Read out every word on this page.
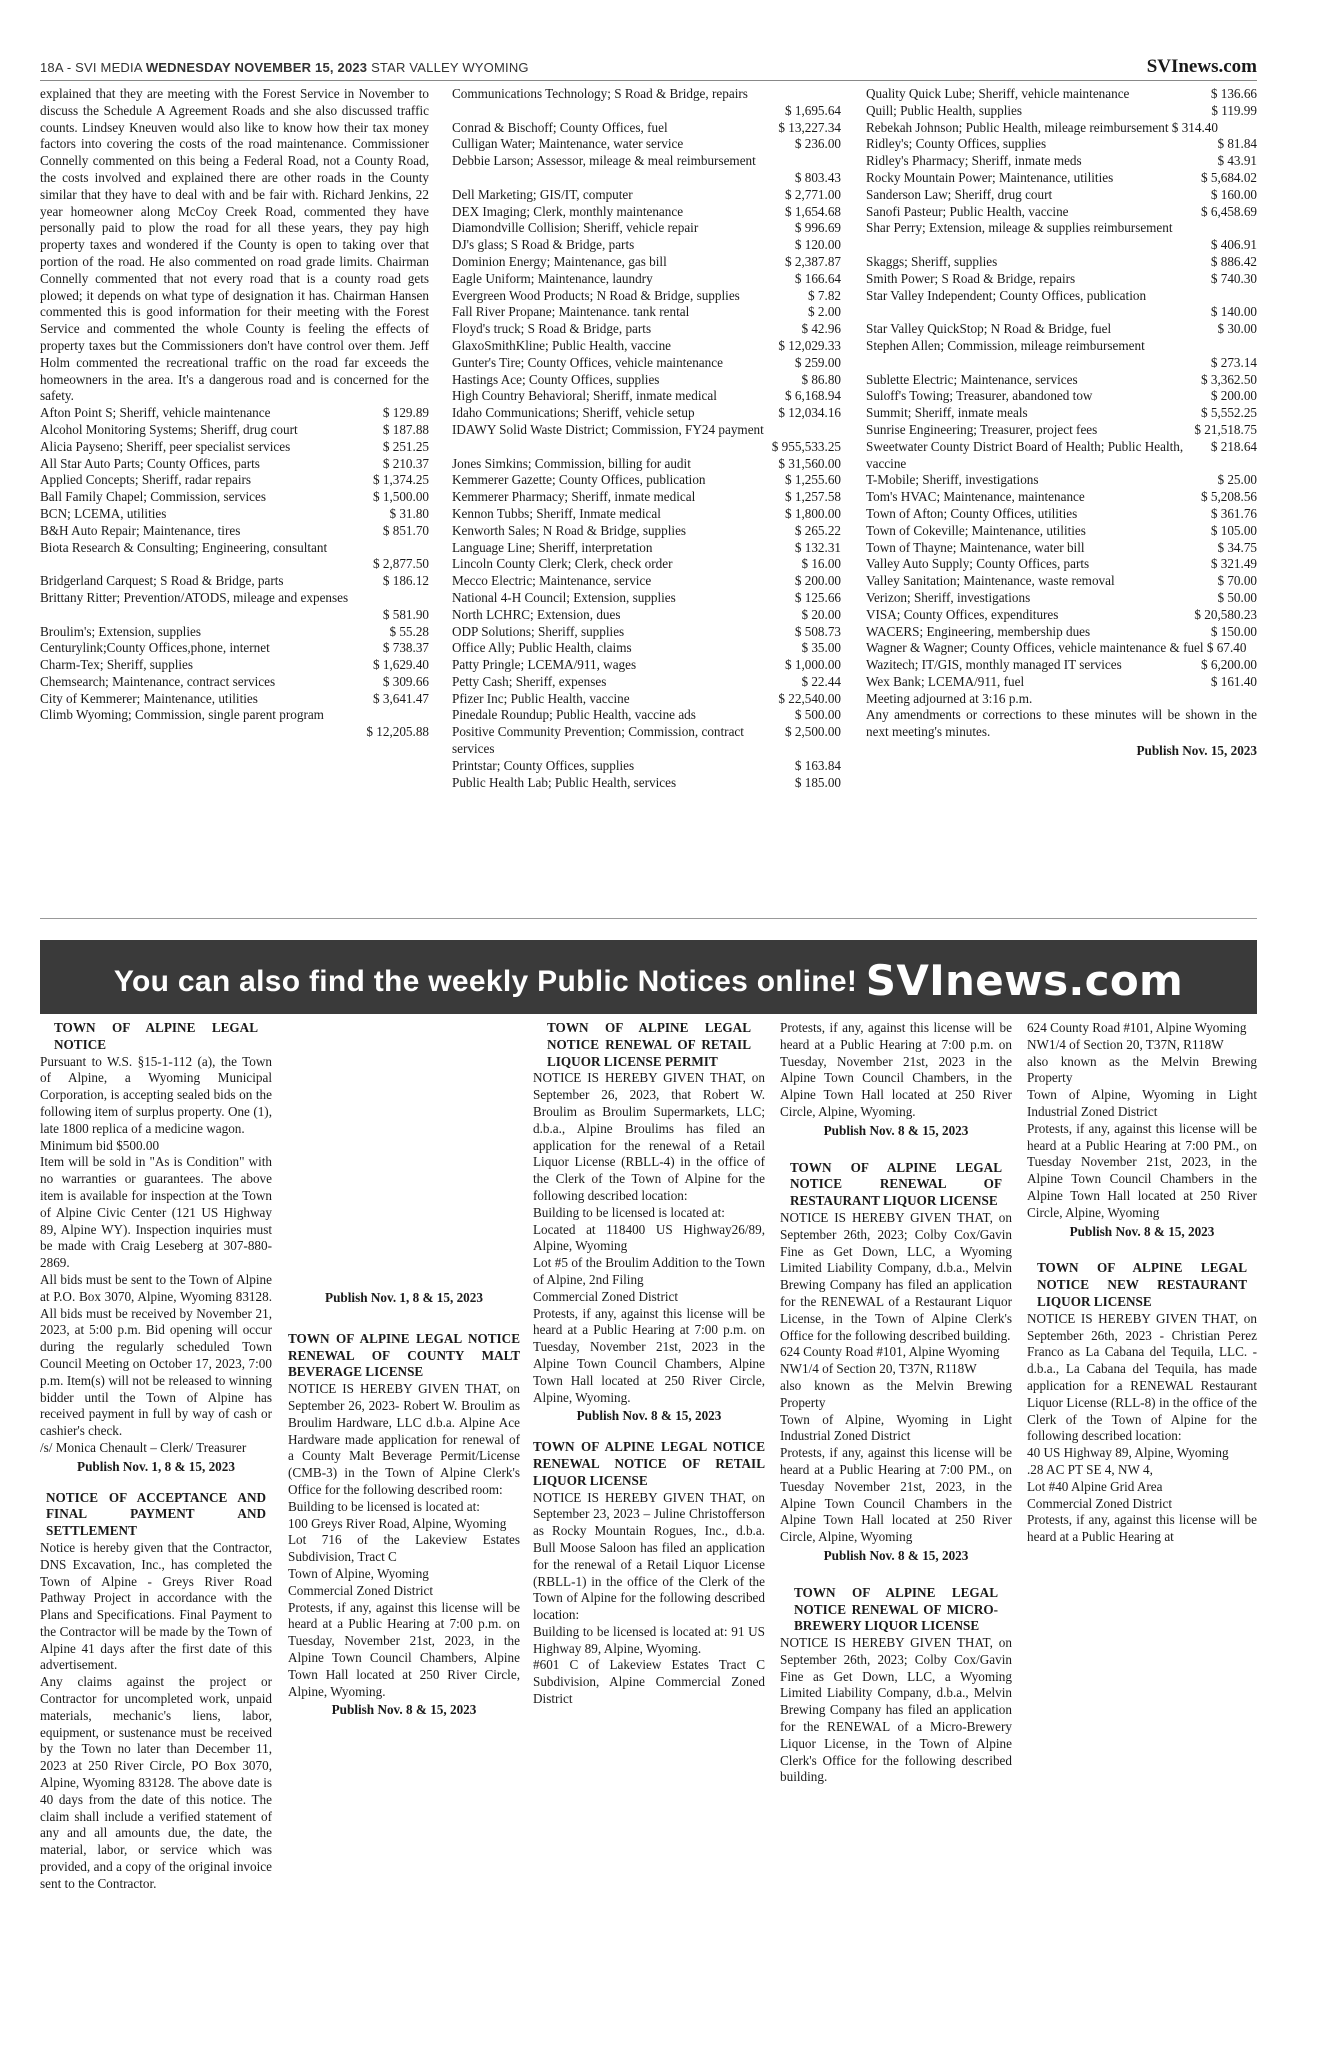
18A - SVI MEDIA WEDNESDAY NOVEMBER 15, 2023 STAR VALLEY WYOMING	SVInews.com

explained that they are meeting with the Forest Service in November to discuss the Schedule A Agreement Roads and she also discussed traffic counts. Lindsey Kneuven would also like to know how their tax money factors into covering the costs of the road maintenance. Commissioner Connelly commented on this being a Federal Road, not a County Road, the costs involved and explained there are other roads in the County similar that they have to deal with and be fair with. Richard Jenkins, 22 year homeowner along McCoy Creek Road, commented they have personally paid to plow the road for all these years, they pay high property taxes and wondered if the County is open to taking over that portion of the road. He also commented on road grade limits. Chairman Connelly commented that not every road that is a county road gets plowed; it depends on what type of designation it has. Chairman Hansen commented this is good information for their meeting with the Forest Service and commented the whole County is feeling the effects of property taxes but the Commissioners don't have control over them. Jeff Holm commented the recreational traffic on the road far exceeds the homeowners in the area. It's a dangerous road and is concerned for the safety.

$ 129.89
Afton Point S; Sheriff, vehicle maintenance
$ 187.88
Alcohol Monitoring Systems; Sheriff, drug court
$ 251.25
Alicia Payseno; Sheriff, peer specialist services
$ 210.37
All Star Auto Parts; County Offices, parts
$ 1,374.25
Applied Concepts; Sheriff, radar repairs
$ 1,500.00
Ball Family Chapel; Commission, services
$ 31.80
BCN; LCEMA, utilities
$ 851.70
B&H Auto Repair; Maintenance, tires
Biota Research & Consulting; Engineering, consultant
$ 2,877.50
$ 186.12
Bridgerland Carquest; S Road & Bridge, parts
Brittany Ritter; Prevention/ATODS, mileage and expenses
$ 581.90
$ 55.28
Broulim's; Extension, supplies
$ 738.37
Centurylink;County Offices,phone, internet
$ 1,629.40
Charm-Tex; Sheriff, supplies
$ 309.66
Chemsearch; Maintenance, contract services
$ 3,641.47
City of Kemmerer; Maintenance, utilities
Climb Wyoming; Commission, single parent program
$ 12,205.88
Communications Technology; S Road & Bridge, repairs
$ 1,695.64
$ 13,227.34
Conrad & Bischoff; County Offices, fuel
$ 236.00
Culligan Water; Maintenance, water service
Debbie Larson; Assessor, mileage & meal reimbursement
$ 803.43
$ 2,771.00
Dell Marketing; GIS/IT, computer
$ 1,654.68
DEX Imaging; Clerk, monthly maintenance
$ 996.69
Diamondville Collision; Sheriff, vehicle repair
$ 120.00
DJ's glass; S Road & Bridge, parts
$ 2,387.87
Dominion Energy; Maintenance, gas bill
$ 166.64
Eagle Uniform; Maintenance, laundry
$ 7.82
Evergreen Wood Products; N Road & Bridge, supplies
$ 2.00
Fall River Propane; Maintenance. tank rental
$ 42.96
Floyd's truck; S Road & Bridge, parts
$ 12,029.33
GlaxoSmithKline; Public Health, vaccine
$ 259.00
Gunter's Tire; County Offices, vehicle maintenance
$ 86.80
Hastings Ace; County Offices, supplies
$ 6,168.94
High Country Behavioral; Sheriff, inmate medical
$ 12,034.16
Idaho Communications; Sheriff, vehicle setup
IDAWY Solid Waste District; Commission, FY24 payment
$ 955,533.25
$ 31,560.00
Jones Simkins; Commission, billing for audit
$ 1,255.60
Kemmerer Gazette; County Offices, publication
$ 1,257.58
Kemmerer Pharmacy; Sheriff, inmate medical
$ 1,800.00
Kennon Tubbs; Sheriff, Inmate medical
$ 265.22
Kenworth Sales; N Road & Bridge, supplies
$ 132.31
Language Line; Sheriff, interpretation
$ 16.00
Lincoln County Clerk; Clerk, check order
$ 200.00
Mecco Electric; Maintenance, service
$ 125.66
National 4-H Council; Extension, supplies
$ 20.00
North LCHRC; Extension, dues
$ 508.73
ODP Solutions; Sheriff, supplies
$ 35.00
Office Ally; Public Health, claims
$ 1,000.00
Patty Pringle; LCEMA/911, wages
$ 22.44
Petty Cash; Sheriff, expenses
$ 22,540.00
Pfizer Inc; Public Health, vaccine
$ 500.00
Pinedale Roundup; Public Health, vaccine ads
$ 2,500.00
Positive Community Prevention; Commission, contract services
$ 163.84
Printstar; County Offices, supplies
$ 185.00
Public Health Lab; Public Health, services
$ 136.66
Quality Quick Lube; Sheriff, vehicle maintenance
$ 119.99
Quill; Public Health, supplies
Rebekah Johnson; Public Health, mileage reimbursement $ 314.40
$ 81.84
Ridley's; County Offices, supplies
$ 43.91
Ridley's Pharmacy; Sheriff, inmate meds
$ 5,684.02
Rocky Mountain Power; Maintenance, utilities
$ 160.00
Sanderson Law; Sheriff, drug court
$ 6,458.69
Sanofi Pasteur; Public Health, vaccine
Shar Perry; Extension, mileage & supplies reimbursement
$ 406.91
$ 886.42
Skaggs; Sheriff, supplies
$ 740.30
Smith Power; S Road & Bridge, repairs
Star Valley Independent; County Offices, publication
$ 140.00
$ 30.00
Star Valley QuickStop; N Road & Bridge, fuel
Stephen Allen; Commission, mileage reimbursement
$ 273.14
$ 3,362.50
Sublette Electric; Maintenance, services
$ 200.00
Suloff's Towing; Treasurer, abandoned tow
$ 5,552.25
Summit; Sheriff, inmate meals
$ 21,518.75
Sunrise Engineering; Treasurer, project fees
$ 218.64
Sweetwater County District Board of Health; Public Health, vaccine
$ 25.00
T-Mobile; Sheriff, investigations
$ 5,208.56
Tom's HVAC; Maintenance, maintenance
$ 361.76
Town of Afton; County Offices, utilities
$ 105.00
Town of Cokeville; Maintenance, utilities
$ 34.75
Town of Thayne; Maintenance, water bill
$ 321.49
Valley Auto Supply; County Offices, parts
$ 70.00
Valley Sanitation; Maintenance, waste removal
$ 50.00
Verizon; Sheriff, investigations
$ 20,580.23
VISA; County Offices, expenditures
$ 150.00
WACERS; Engineering, membership dues
Wagner & Wagner; County Offices, vehicle maintenance & fuel $ 67.40
$ 6,200.00
Wazitech; IT/GIS, monthly managed IT services
$ 161.40
Wex Bank; LCEMA/911, fuel

Meeting adjourned at 3:16 p.m.

Any amendments or corrections to these minutes will be shown in the next meeting's minutes.

Publish Nov. 15, 2023
You can also find the weekly Public Notices online! SVInews.com

TOWN OF ALPINE LEGAL NOTICE

Pursuant to W.S. §15-1-112 (a), the Town of Alpine, a Wyoming Municipal Corporation, is accepting sealed bids on the following item of surplus property. One (1), late 1800 replica of a medicine wagon.

Minimum bid $500.00

Item will be sold in "As is Condition" with no warranties or guarantees. The above item is available for inspection at the Town of Alpine Civic Center (121 US Highway 89, Alpine WY). Inspection inquiries must be made with Craig Leseberg at 307-880-2869.

All bids must be sent to the Town of Alpine at P.O. Box 3070, Alpine, Wyoming 83128. All bids must be received by November 21, 2023, at 5:00 p.m. Bid opening will occur during the regularly scheduled Town Council Meeting on October 17, 2023, 7:00 p.m. Item(s) will not be released to winning bidder until the Town of Alpine has received payment in full by way of cash or cashier's check.

/s/ Monica Chenault – Clerk/ Treasurer

Publish Nov. 1, 8 & 15, 2023

NOTICE OF ACCEPTANCE AND FINAL PAYMENT AND SETTLEMENT

Notice is hereby given that the Contractor, DNS Excavation, Inc., has completed the Town of Alpine - Greys River Road Pathway Project in accordance with the Plans and Specifications. Final Payment to the Contractor will be made by the Town of Alpine 41 days after the first date of this advertisement.

Any claims against the project or Contractor for uncompleted work, unpaid materials, mechanic's liens, labor, equipment, or sustenance must be received by the Town no later than December 11, 2023 at 250 River Circle, PO Box 3070, Alpine, Wyoming 83128. The above date is 40 days from the date of this notice. The claim shall include a verified statement of any and all amounts due, the date, the material, labor, or service which was provided, and a copy of the original invoice sent to the Contractor.

Publish Nov. 1, 8 & 15, 2023

TOWN OF ALPINE LEGAL NOTICE RENEWAL OF COUNTY MALT BEVERAGE LICENSE

NOTICE IS HEREBY GIVEN THAT, on September 26, 2023- Robert W. Broulim as Broulim Hardware, LLC d.b.a. Alpine Ace Hardware made application for renewal of a County Malt Beverage Permit/License (CMB-3) in the Town of Alpine Clerk's Office for the following described room:

Building to be licensed is located at:

100 Greys River Road, Alpine, Wyoming

Lot 716 of the Lakeview Estates Subdivision, Tract C

Town of Alpine, Wyoming

Commercial Zoned District

Protests, if any, against this license will be heard at a Public Hearing at 7:00 p.m. on Tuesday, November 21st, 2023, in the Alpine Town Council Chambers, Alpine Town Hall located at 250 River Circle, Alpine, Wyoming.

Publish Nov. 8 & 15, 2023

TOWN OF ALPINE LEGAL NOTICE RENEWAL OF RETAIL LIQUOR LICENSE PERMIT

NOTICE IS HEREBY GIVEN THAT, on September 26, 2023, that Robert W. Broulim as Broulim Supermarkets, LLC; d.b.a., Alpine Broulims has filed an application for the renewal of a Retail Liquor License (RBLL-4) in the office of the Clerk of the Town of Alpine for the following described location:

Building to be licensed is located at:

Located at 118400 US Highway26/89, Alpine, Wyoming

Lot #5 of the Broulim Addition to the Town of Alpine, 2nd Filing

Commercial Zoned District

Protests, if any, against this license will be heard at a Public Hearing at 7:00 p.m. on Tuesday, November 21st, 2023 in the Alpine Town Council Chambers, Alpine Town Hall located at 250 River Circle, Alpine, Wyoming.

Publish Nov. 8 & 15, 2023

TOWN OF ALPINE LEGAL NOTICE RENEWAL NOTICE OF RETAIL LIQUOR LICENSE

NOTICE IS HEREBY GIVEN THAT, on September 23, 2023 – Juline Christofferson as Rocky Mountain Rogues, Inc., d.b.a. Bull Moose Saloon has filed an application for the renewal of a Retail Liquor License (RBLL-1) in the office of the Clerk of the Town of Alpine for the following described location:

Building to be licensed is located at: 91 US Highway 89, Alpine, Wyoming.

#601 C of Lakeview Estates Tract C Subdivision, Alpine Commercial Zoned District

Protests, if any, against this license will be heard at a Public Hearing at 7:00 p.m. on Tuesday, November 21st, 2023 in the Alpine Town Council Chambers, in the Alpine Town Hall located at 250 River Circle, Alpine, Wyoming.

Publish Nov. 8 & 15, 2023

TOWN OF ALPINE LEGAL NOTICE RENEWAL OF RESTAURANT LIQUOR LICENSE

NOTICE IS HEREBY GIVEN THAT, on September 26th, 2023; Colby Cox/Gavin Fine as Get Down, LLC, a Wyoming Limited Liability Company, d.b.a., Melvin Brewing Company has filed an application for the RENEWAL of a Restaurant Liquor License, in the Town of Alpine Clerk's Office for the following described building.

624 County Road #101, Alpine Wyoming

NW1/4 of Section 20, T37N, R118W

also known as the Melvin Brewing Property

Town of Alpine, Wyoming in Light Industrial Zoned District

Protests, if any, against this license will be heard at a Public Hearing at 7:00 PM., on Tuesday November 21st, 2023, in the Alpine Town Council Chambers in the Alpine Town Hall located at 250 River Circle, Alpine, Wyoming

Publish Nov. 8 & 15, 2023

TOWN OF ALPINE LEGAL NOTICE RENEWAL OF MICRO-BREWERY LIQUOR LICENSE

NOTICE IS HEREBY GIVEN THAT, on September 26th, 2023; Colby Cox/Gavin Fine as Get Down, LLC, a Wyoming Limited Liability Company, d.b.a., Melvin Brewing Company has filed an application for the RENEWAL of a Micro-Brewery Liquor License, in the Town of Alpine Clerk's Office for the following described building.

624 County Road #101, Alpine Wyoming

NW1/4 of Section 20, T37N, R118W

also known as the Melvin Brewing Property

Town of Alpine, Wyoming in Light Industrial Zoned District

Protests, if any, against this license will be heard at a Public Hearing at 7:00 PM., on Tuesday November 21st, 2023, in the Alpine Town Council Chambers in the Alpine Town Hall located at 250 River Circle, Alpine, Wyoming

Publish Nov. 8 & 15, 2023

TOWN OF ALPINE LEGAL NOTICE NEW RESTAURANT LIQUOR LICENSE

NOTICE IS HEREBY GIVEN THAT, on September 26th, 2023 - Christian Perez Franco as La Cabana del Tequila, LLC. - d.b.a., La Cabana del Tequila, has made application for a RENEWAL Restaurant Liquor License (RLL-8) in the office of the Clerk of the Town of Alpine for the following described location:

40 US Highway 89, Alpine, Wyoming

.28 AC PT SE 4, NW 4,

Lot #40 Alpine Grid Area

Commercial Zoned District

Protests, if any, against this license will be heard at a Public Hearing at
